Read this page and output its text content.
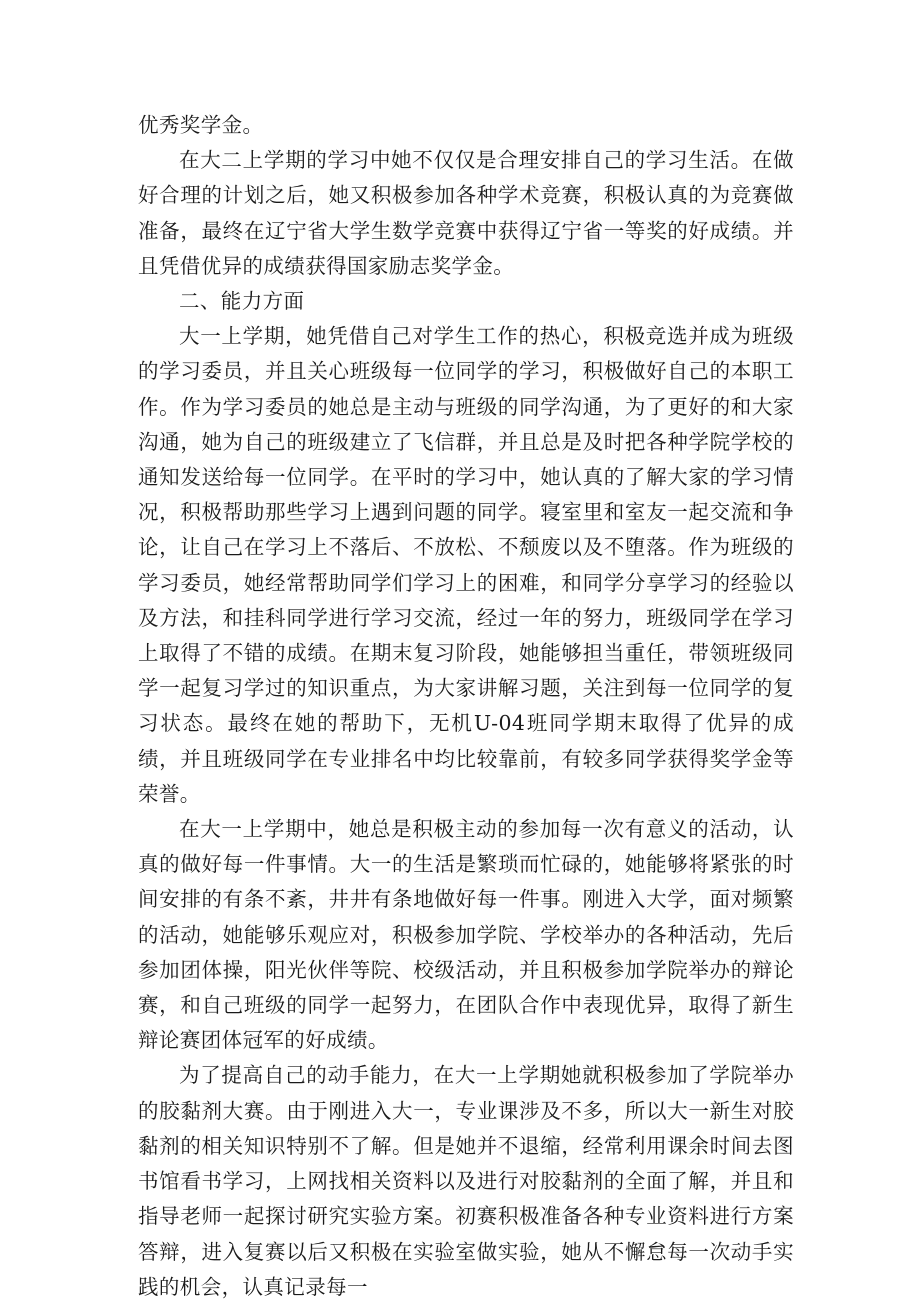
优秀奖学金。

在大二上学期的学习中她不仅仅是合理安排自己的学习生活。在做好合理的计划之后，她又积极参加各种学术竞赛，积极认真的为竞赛做准备，最终在辽宁省大学生数学竞赛中获得辽宁省一等奖的好成绩。并且凭借优异的成绩获得国家励志奖学金。

二、能力方面

大一上学期，她凭借自己对学生工作的热心，积极竞选并成为班级的学习委员，并且关心班级每一位同学的学习，积极做好自己的本职工作。作为学习委员的她总是主动与班级的同学沟通，为了更好的和大家沟通，她为自己的班级建立了飞信群，并且总是及时把各种学院学校的通知发送给每一位同学。在平时的学习中，她认真的了解大家的学习情况，积极帮助那些学习上遇到问题的同学。寝室里和室友一起交流和争论，让自己在学习上不落后、不放松、不颓废以及不堕落。作为班级的学习委员，她经常帮助同学们学习上的困难，和同学分享学习的经验以及方法，和挂科同学进行学习交流，经过一年的努力，班级同学在学习上取得了不错的成绩。在期末复习阶段，她能够担当重任，带领班级同学一起复习学过的知识重点，为大家讲解习题，关注到每一位同学的复习状态。最终在她的帮助下，无机U-04班同学期末取得了优异的成绩，并且班级同学在专业排名中均比较靠前，有较多同学获得奖学金等荣誉。

在大一上学期中，她总是积极主动的参加每一次有意义的活动，认真的做好每一件事情。大一的生活是繁琐而忙碌的，她能够将紧张的时间安排的有条不紊，井井有条地做好每一件事。刚进入大学，面对频繁的活动，她能够乐观应对，积极参加学院、学校举办的各种活动，先后参加团体操，阳光伙伴等院、校级活动，并且积极参加学院举办的辩论赛，和自己班级的同学一起努力，在团队合作中表现优异，取得了新生辩论赛团体冠军的好成绩。

为了提高自己的动手能力，在大一上学期她就积极参加了学院举办的胶黏剂大赛。由于刚进入大一，专业课涉及不多，所以大一新生对胶黏剂的相关知识特别不了解。但是她并不退缩，经常利用课余时间去图书馆看书学习，上网找相关资料以及进行对胶黏剂的全面了解，并且和指导老师一起探讨研究实验方案。初赛积极准备各种专业资料进行方案答辩，进入复赛以后又积极在实验室做实验，她从不懈怠每一次动手实践的机会，认真记录每一
